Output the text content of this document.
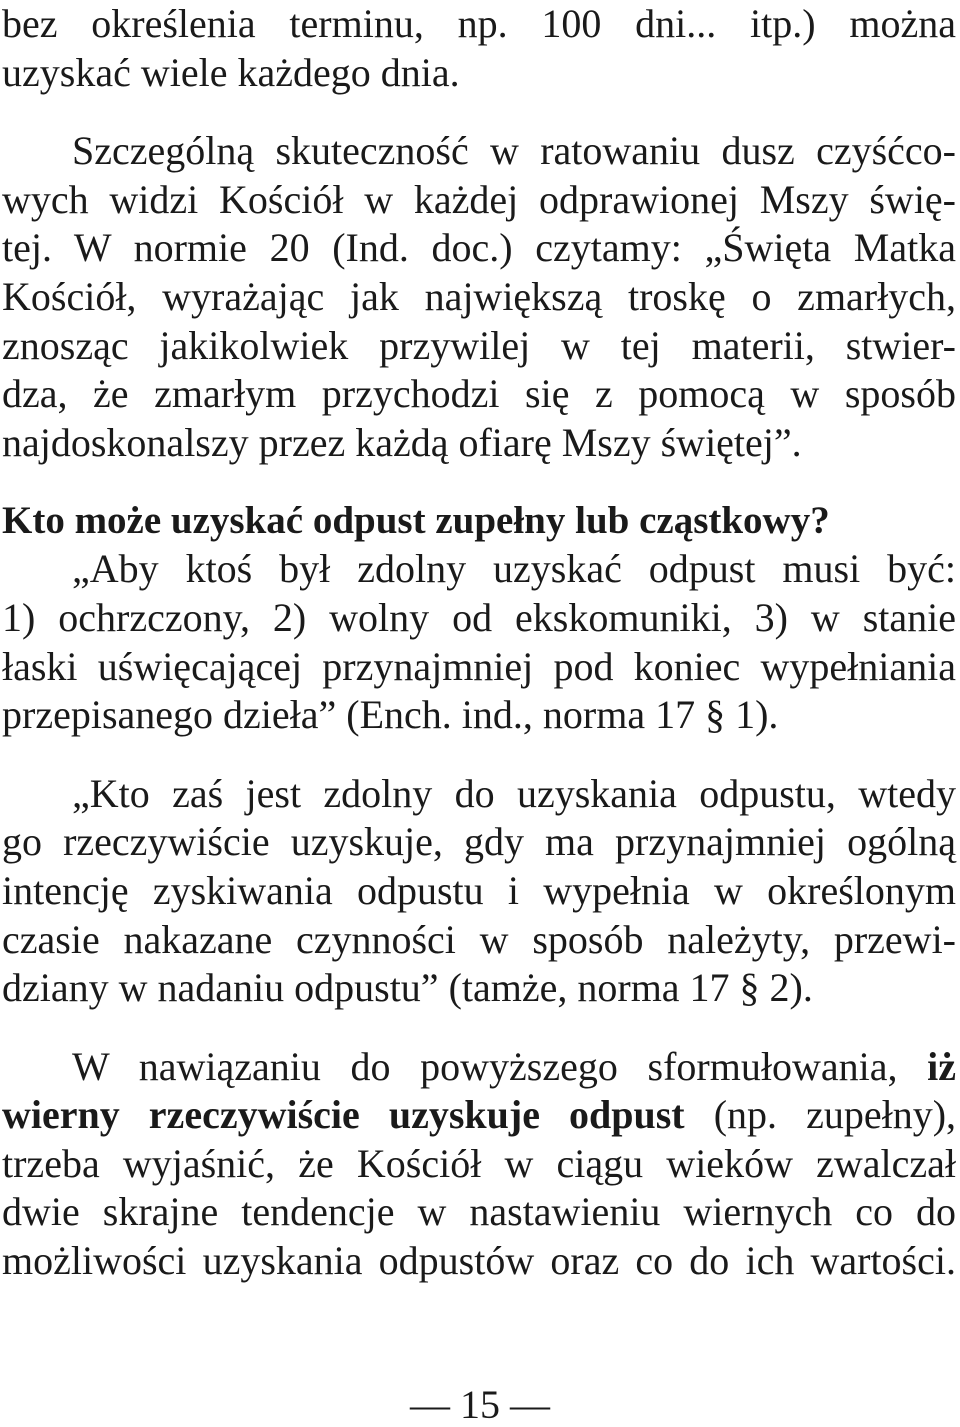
bez określenia terminu, np. 100 dni... itp.) można
uzyskać wiele każdego dnia.
Szczególną skuteczność w ratowaniu dusz czyśćco-
wych widzi Kościół w każdej odprawionej Mszy świę-
tej. W normie 20 (Ind. doc.) czytamy: „Święta Matka
Kościół, wyrażając jak największą troskę o zmarłych,
znosząc jakikolwiek przywilej w tej materii, stwier-
dza, że zmarłym przychodzi się z pomocą w sposób
najdoskonalszy przez każdą ofiarę Mszy świętej”.
Kto może uzyskać odpust zupełny lub cząstkowy?
„Aby ktoś był zdolny uzyskać odpust musi być:
1) ochrzczony, 2) wolny od ekskomuniki, 3) w stanie
łaski uświęcającej przynajmniej pod koniec wypełniania
przepisanego dzieła” (Ench. ind., norma 17 § 1).
„Kto zaś jest zdolny do uzyskania odpustu, wtedy
go rzeczywiście uzyskuje, gdy ma przynajmniej ogólną
intencję zyskiwania odpustu i wypełnia w określonym
czasie nakazane czynności w sposób należyty, przewi-
dziany w nadaniu odpustu” (tamże, norma 17 § 2).
W nawiązaniu do powyższego sformułowania, iż
wierny rzeczywiście uzyskuje odpust (np. zupełny),
trzeba wyjaśnić, że Kościół w ciągu wieków zwalczał
dwie skrajne tendencje w nastawieniu wiernych co do
możliwości uzyskania odpustów oraz co do ich wartości.
— 15 —
